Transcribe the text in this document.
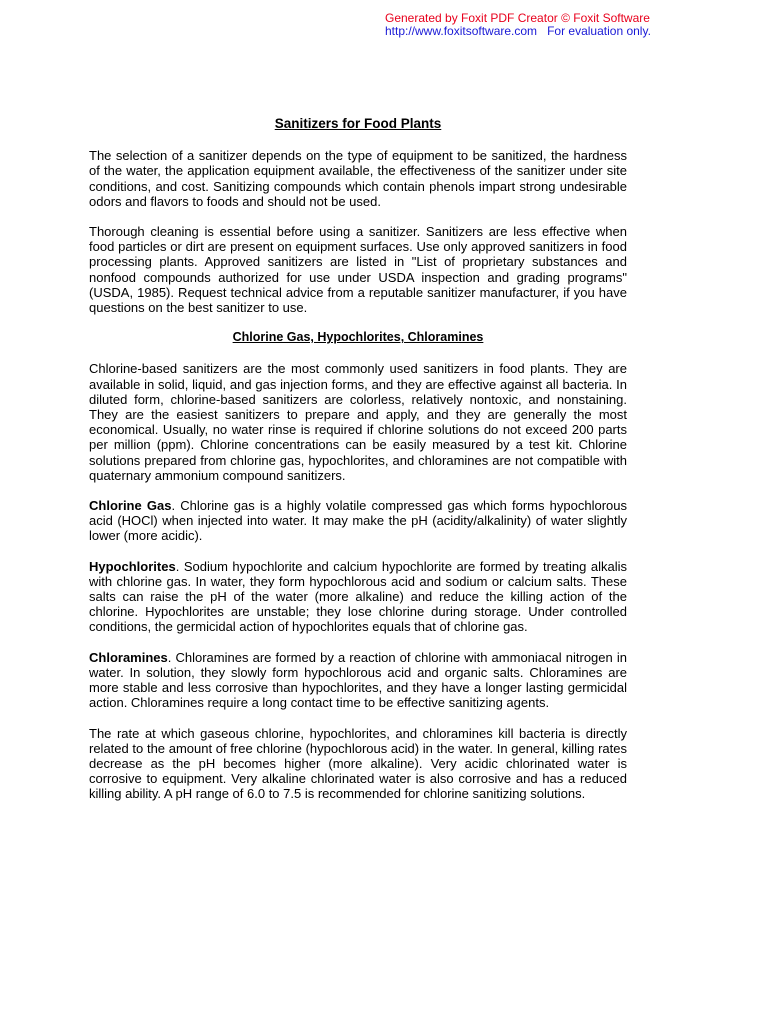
Generated by Foxit PDF Creator © Foxit Software
http://www.foxitsoftware.com For evaluation only.
Sanitizers for Food Plants

The selection of a sanitizer depends on the type of equipment to be sanitized, the hardness of the water, the application equipment available, the effectiveness of the sanitizer under site conditions, and cost. Sanitizing compounds which contain phenols impart strong undesirable odors and flavors to foods and should not be used.

Thorough cleaning is essential before using a sanitizer. Sanitizers are less effective when food particles or dirt are present on equipment surfaces. Use only approved sanitizers in food processing plants. Approved sanitizers are listed in "List of proprietary substances and nonfood compounds authorized for use under USDA inspection and grading programs" (USDA, 1985). Request technical advice from a reputable sanitizer manufacturer, if you have questions on the best sanitizer to use.

Chlorine Gas, Hypochlorites, Chloramines

Chlorine-based sanitizers are the most commonly used sanitizers in food plants. They are available in solid, liquid, and gas injection forms, and they are effective against all bacteria. In diluted form, chlorine-based sanitizers are colorless, relatively nontoxic, and nonstaining. They are the easiest sanitizers to prepare and apply, and they are generally the most economical. Usually, no water rinse is required if chlorine solutions do not exceed 200 parts per million (ppm). Chlorine concentrations can be easily measured by a test kit. Chlorine solutions prepared from chlorine gas, hypochlorites, and chloramines are not compatible with quaternary ammonium compound sanitizers.

Chlorine Gas. Chlorine gas is a highly volatile compressed gas which forms hypochlorous acid (HOCl) when injected into water. It may make the pH (acidity/alkalinity) of water slightly lower (more acidic).

Hypochlorites. Sodium hypochlorite and calcium hypochlorite are formed by treating alkalis with chlorine gas. In water, they form hypochlorous acid and sodium or calcium salts. These salts can raise the pH of the water (more alkaline) and reduce the killing action of the chlorine. Hypochlorites are unstable; they lose chlorine during storage. Under controlled conditions, the germicidal action of hypochlorites equals that of chlorine gas.

Chloramines. Chloramines are formed by a reaction of chlorine with ammoniacal nitrogen in water. In solution, they slowly form hypochlorous acid and organic salts. Chloramines are more stable and less corrosive than hypochlorites, and they have a longer lasting germicidal action. Chloramines require a long contact time to be effective sanitizing agents.

The rate at which gaseous chlorine, hypochlorites, and chloramines kill bacteria is directly related to the amount of free chlorine (hypochlorous acid) in the water. In general, killing rates decrease as the pH becomes higher (more alkaline). Very acidic chlorinated water is corrosive to equipment. Very alkaline chlorinated water is also corrosive and has a reduced killing ability. A pH range of 6.0 to 7.5 is recommended for chlorine sanitizing solutions.
